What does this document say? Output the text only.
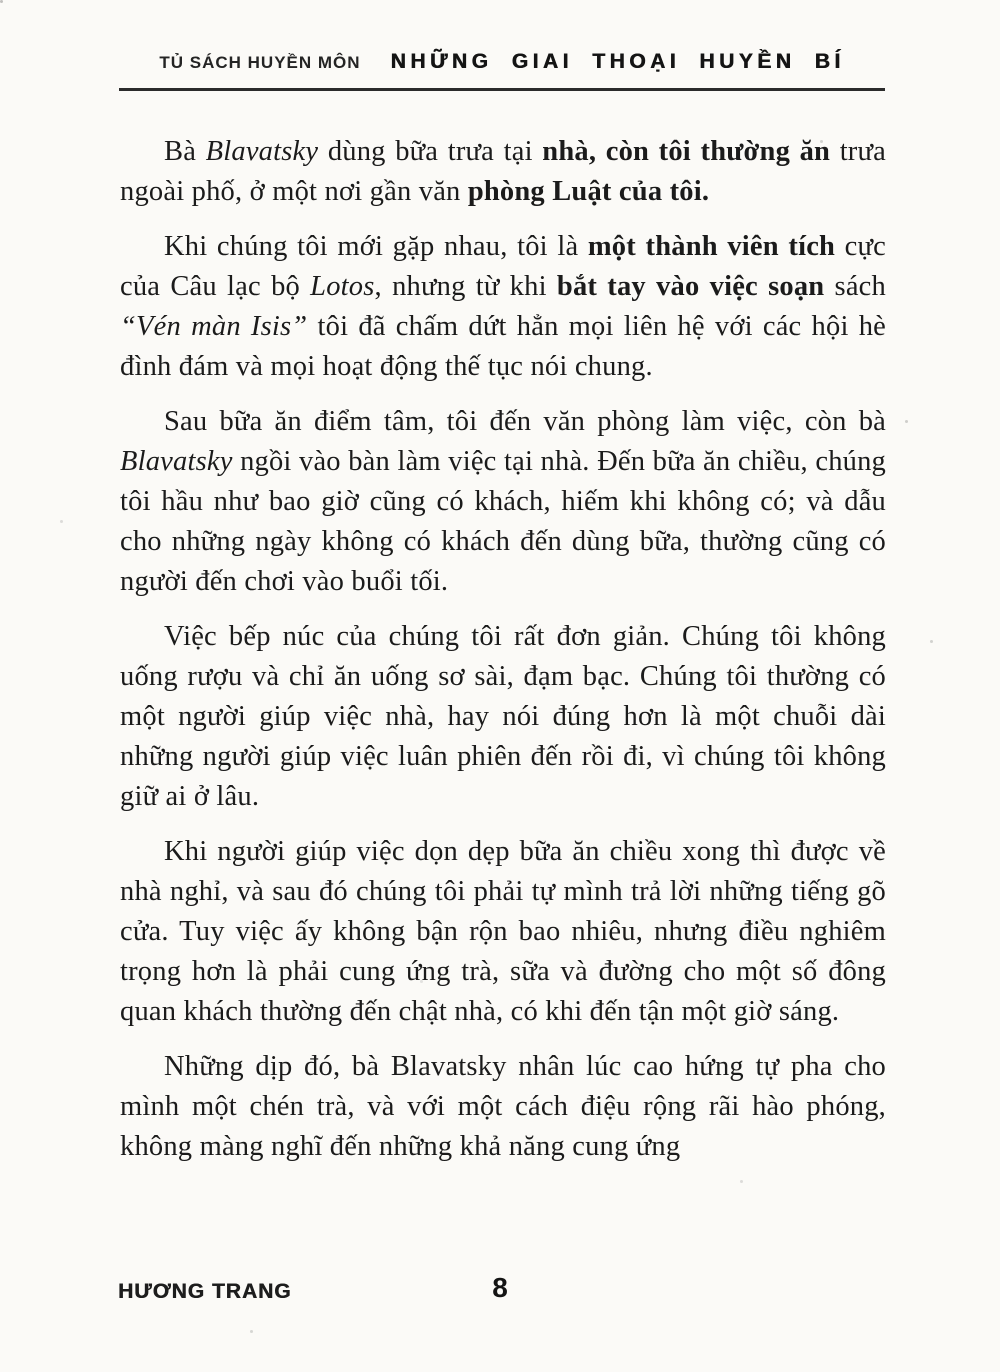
TỦ SÁCH HUYỀN MÔN NHỮNG GIAI THOẠI HUYỀN BÍ

Bà Blavatsky dùng bữa trưa tại nhà, còn tôi thường ăn trưa ngoài phố, ở một nơi gần văn phòng Luật của tôi.

Khi chúng tôi mới gặp nhau, tôi là một thành viên tích cực của Câu lạc bộ Lotos, nhưng từ khi bắt tay vào việc soạn sách “Vén màn Isis” tôi đã chấm dứt hẳn mọi liên hệ với các hội hè đình đám và mọi hoạt động thế tục nói chung.

Sau bữa ăn điểm tâm, tôi đến văn phòng làm việc, còn bà Blavatsky ngồi vào bàn làm việc tại nhà. Đến bữa ăn chiều, chúng tôi hầu như bao giờ cũng có khách, hiếm khi không có; và dẫu cho những ngày không có khách đến dùng bữa, thường cũng có người đến chơi vào buổi tối.

Việc bếp núc của chúng tôi rất đơn giản. Chúng tôi không uống rượu và chỉ ăn uống sơ sài, đạm bạc. Chúng tôi thường có một người giúp việc nhà, hay nói đúng hơn là một chuỗi dài những người giúp việc luân phiên đến rồi đi, vì chúng tôi không giữ ai ở lâu.

Khi người giúp việc dọn dẹp bữa ăn chiều xong thì được về nhà nghỉ, và sau đó chúng tôi phải tự mình trả lời những tiếng gõ cửa. Tuy việc ấy không bận rộn bao nhiêu, nhưng điều nghiêm trọng hơn là phải cung ứng trà, sữa và đường cho một số đông quan khách thường đến chật nhà, có khi đến tận một giờ sáng.

Những dịp đó, bà Blavatsky nhân lúc cao hứng tự pha cho mình một chén trà, và với một cách điệu rộng rãi hào phóng, không màng nghĩ đến những khả năng cung ứng

HƯƠNG TRANG	8
